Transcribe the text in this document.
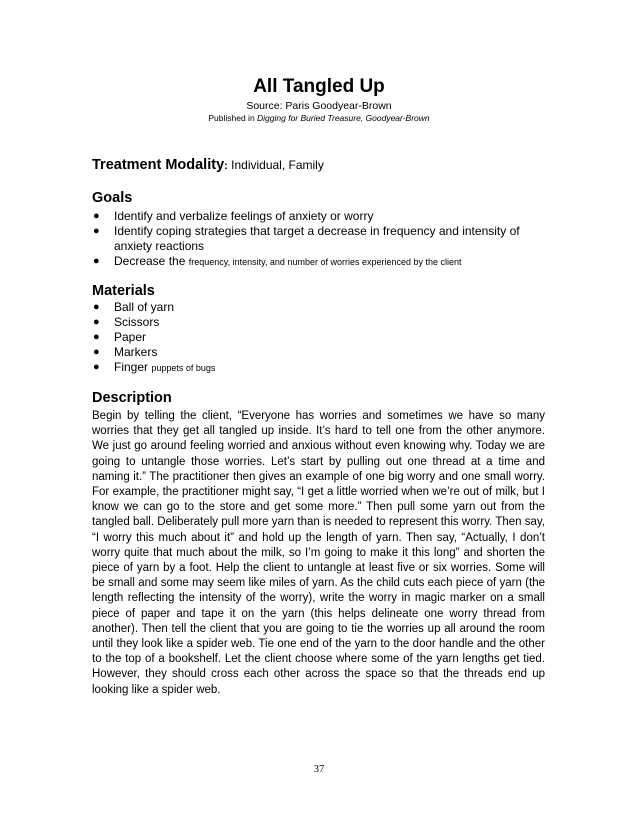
All Tangled Up
Source: Paris Goodyear-Brown
Published in Digging for Buried Treasure, Goodyear-Brown
Treatment Modality: Individual, Family
Goals
● Identify and verbalize feelings of anxiety or worry
● Identify coping strategies that target a decrease in frequency and intensity of anxiety reactions
● Decrease the frequency, intensity, and number of worries experienced by the client
Materials
● Ball of yarn
● Scissors
● Paper
● Markers
● Finger puppets of bugs
Description

Begin by telling the client, “Everyone has worries and sometimes we have so many worries that they get all tangled up inside. It’s hard to tell one from the other anymore. We just go around feeling worried and anxious without even knowing why. Today we are going to untangle those worries. Let’s start by pulling out one thread at a time and naming it.” The practitioner then gives an example of one big worry and one small worry. For example, the practitioner might say, “I get a little worried when we’re out of milk, but I know we can go to the store and get some more.” Then pull some yarn out from the tangled ball. Deliberately pull more yarn than is needed to represent this worry. Then say, “I worry this much about it” and hold up the length of yarn. Then say, “Actually, I don’t worry quite that much about the milk, so I’m going to make it this long” and shorten the piece of yarn by a foot. Help the client to untangle at least five or six worries. Some will be small and some may seem like miles of yarn. As the child cuts each piece of yarn (the length reflecting the intensity of the worry), write the worry in magic marker on a small piece of paper and tape it on the yarn (this helps delineate one worry thread from another). Then tell the client that you are going to tie the worries up all around the room until they look like a spider web. Tie one end of the yarn to the door handle and the other to the top of a bookshelf. Let the client choose where some of the yarn lengths get tied. However, they should cross each other across the space so that the threads end up looking like a spider web.

37
